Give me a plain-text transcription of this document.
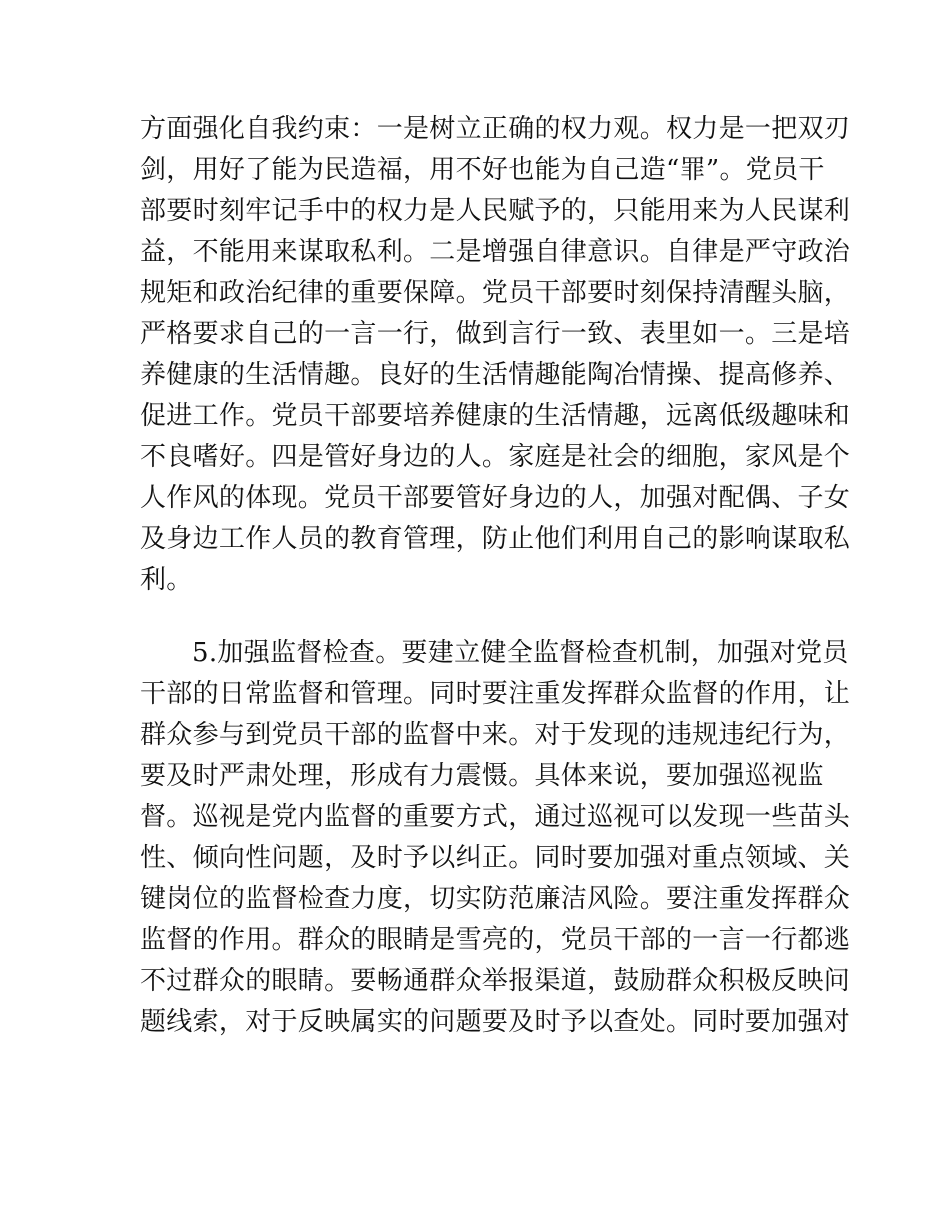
方面强化自我约束：一是树立正确的权力观。权力是一把双刃
剑，用好了能为民造福，用不好也能为自己造“罪”。党员干
部要时刻牢记手中的权力是人民赋予的，只能用来为人民谋利
益，不能用来谋取私利。二是增强自律意识。自律是严守政治
规矩和政治纪律的重要保障。党员干部要时刻保持清醒头脑，
严格要求自己的一言一行，做到言行一致、表里如一。三是培
养健康的生活情趣。良好的生活情趣能陶冶情操、提高修养、
促进工作。党员干部要培养健康的生活情趣，远离低级趣味和
不良嗜好。四是管好身边的人。家庭是社会的细胞，家风是个
人作风的体现。党员干部要管好身边的人，加强对配偶、子女
及身边工作人员的教育管理，防止他们利用自己的影响谋取私
利。
5.加强监督检查。要建立健全监督检查机制，加强对党员
干部的日常监督和管理。同时要注重发挥群众监督的作用，让
群众参与到党员干部的监督中来。对于发现的违规违纪行为，
要及时严肃处理，形成有力震慑。具体来说，要加强巡视监
督。巡视是党内监督的重要方式，通过巡视可以发现一些苗头
性、倾向性问题，及时予以纠正。同时要加强对重点领域、关
键岗位的监督检查力度，切实防范廉洁风险。要注重发挥群众
监督的作用。群众的眼睛是雪亮的，党员干部的一言一行都逃
不过群众的眼睛。要畅通群众举报渠道，鼓励群众积极反映问
题线索，对于反映属实的问题要及时予以查处。同时要加强对
